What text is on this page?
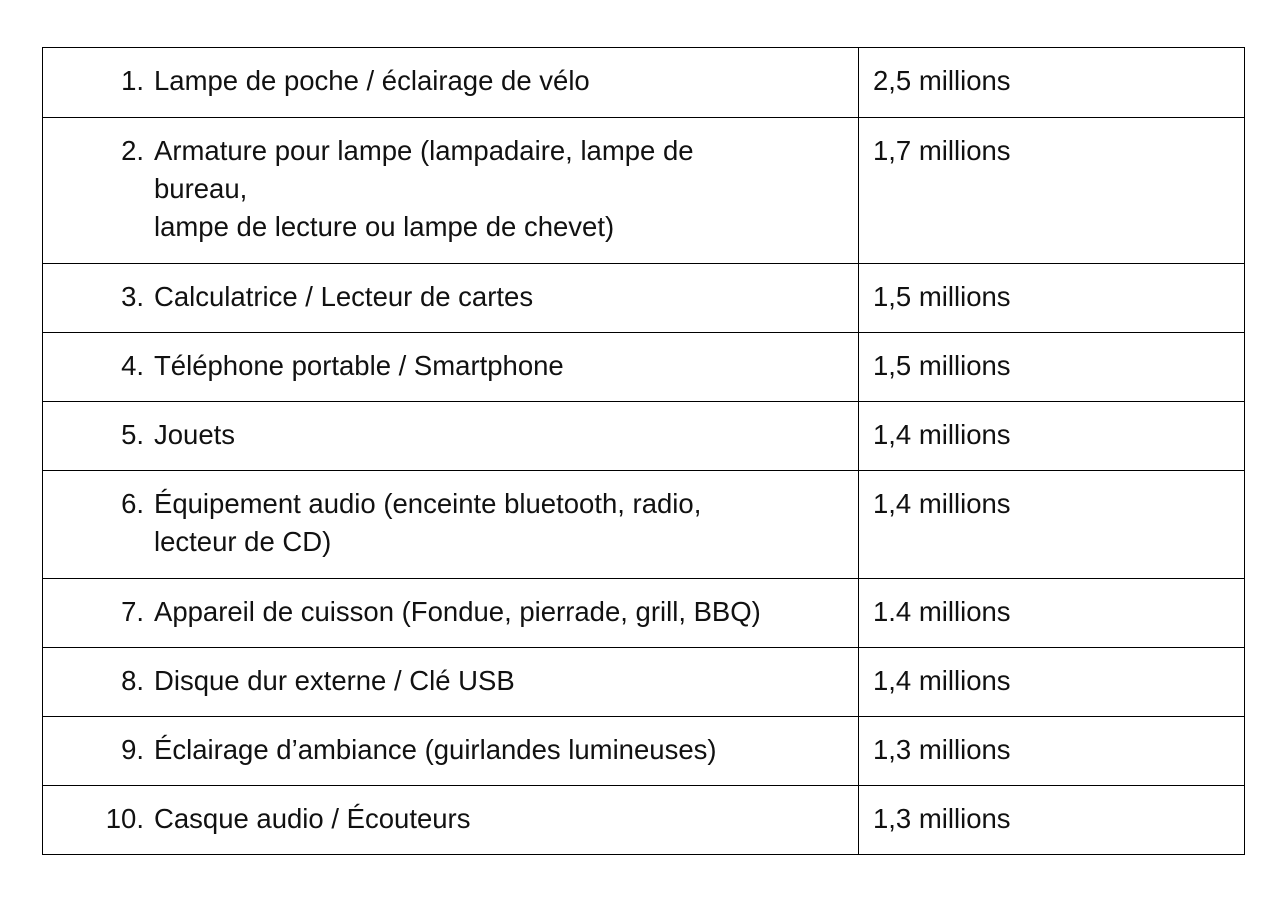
1. Lampe de poche / éclairage de vélo	2,5 millions

2. Armature pour lampe (lampadaire, lampe de
bureau,
lampe de lecture ou lampe de chevet)	1,7 millions

3. Calculatrice / Lecteur de cartes	1,5 millions

4. Téléphone portable / Smartphone	1,5 millions

5. Jouets	1,4 millions

6. Équipement audio (enceinte bluetooth, radio,
lecteur de CD)	1,4 millions

7. Appareil de cuisson (Fondue, pierrade, grill, BBQ)	1.4 millions

8. Disque dur externe / Clé USB	1,4 millions

9. Éclairage d’ambiance (guirlandes lumineuses)	1,3 millions

10. Casque audio / Écouteurs	1,3 millions
